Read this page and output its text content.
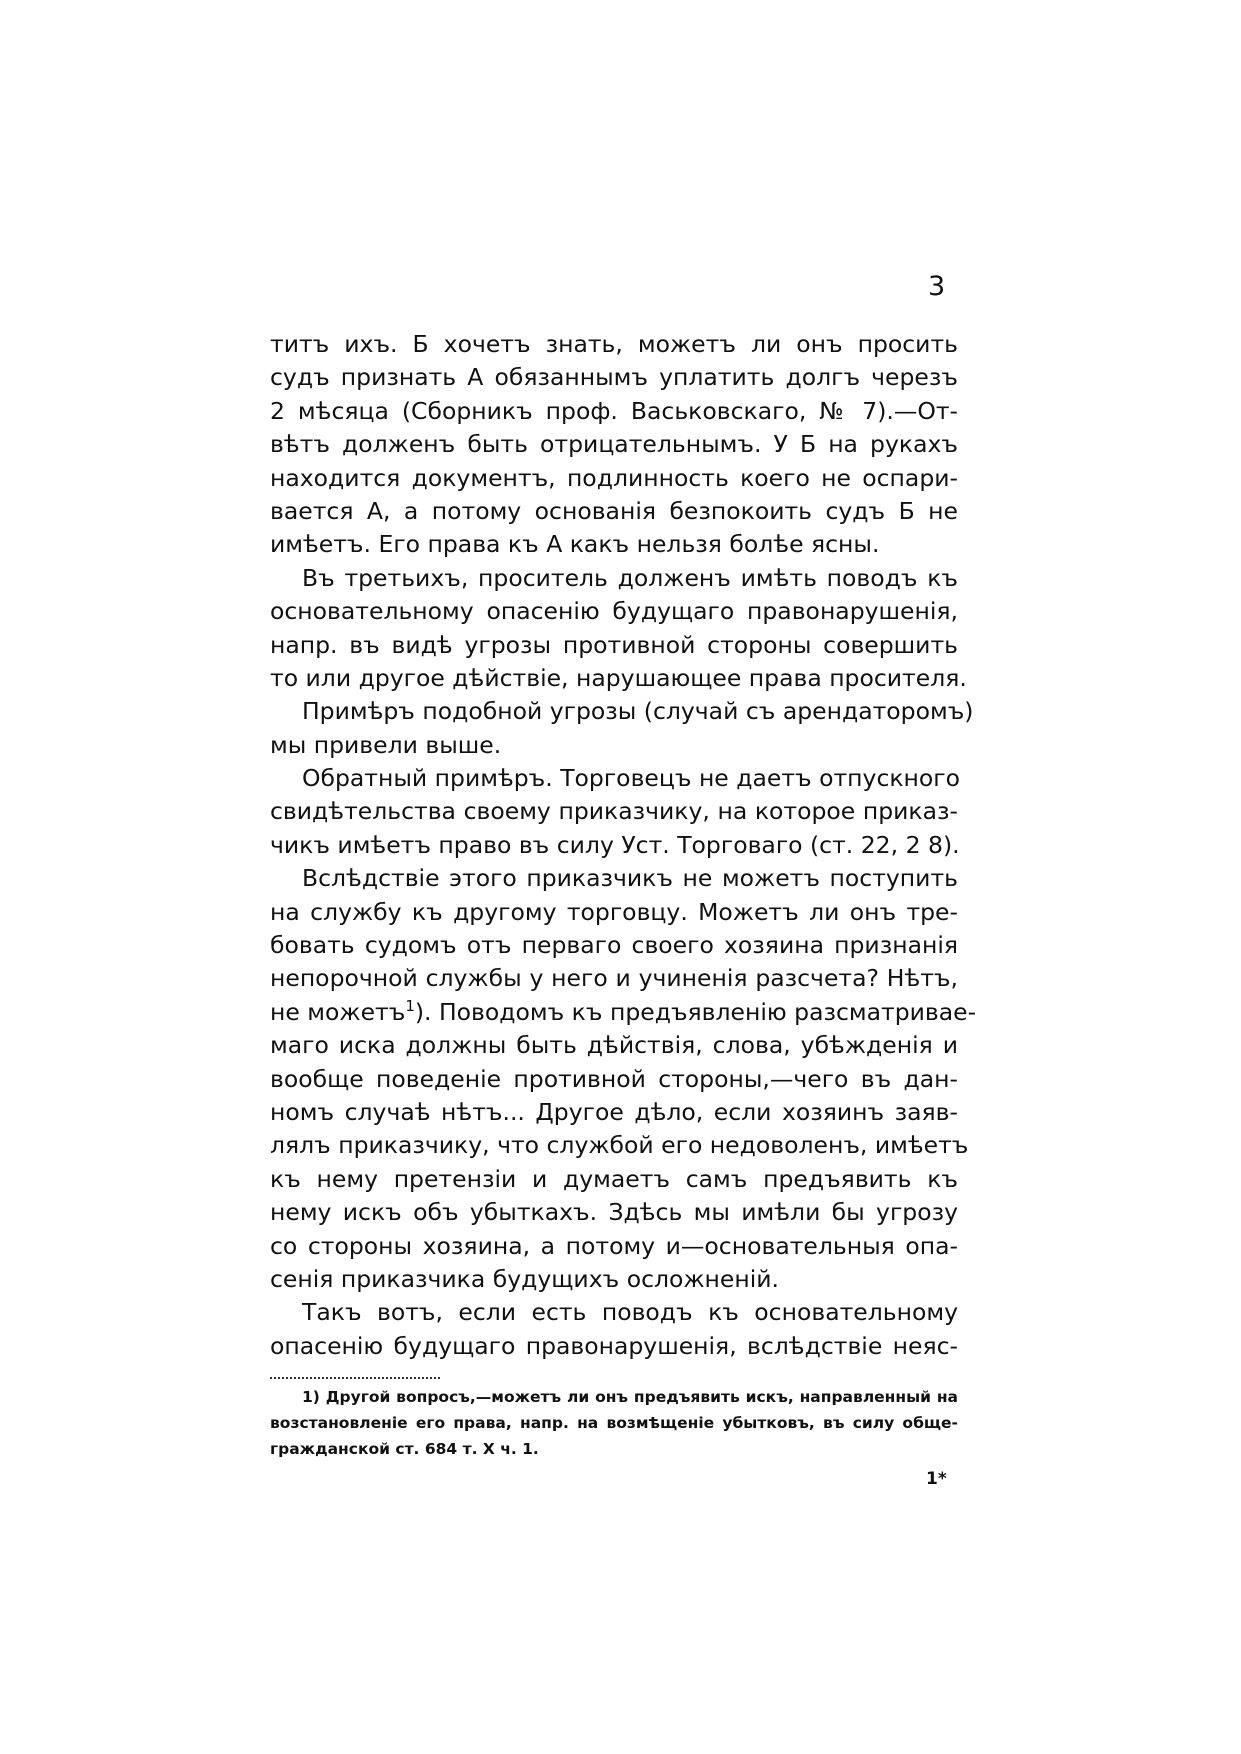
3
титъ ихъ. Б хочетъ знать, можетъ ли онъ просить
судъ признать А обязаннымъ уплатить долгъ черезъ
2 мѣсяца (Сборникъ проф. Васьковскаго, № 7).—От-
вѣтъ долженъ быть отрицательнымъ. У Б на рукахъ
находится документъ, подлинность коего не оспари-
вается А, а потому основанія безпокоить судъ Б не
имѣетъ. Его права къ А какъ нельзя болѣе ясны.
Въ третьихъ, проситель долженъ имѣть поводъ къ
основательному опасенію будущаго правонарушенія,
напр. въ видѣ угрозы противной стороны совершить
то или другое дѣйствіе, нарушающее права просителя.
Примѣръ подобной угрозы (случай съ арендаторомъ)
мы привели выше.
Обратный примѣръ. Торговецъ не даетъ отпускного
свидѣтельства своему приказчику, на которое приказ-
чикъ имѣетъ право въ силу Уст. Торговаго (ст. 22, 2 8).
Вслѣдствіе этого приказчикъ не можетъ поступить
на службу къ другому торговцу. Можетъ ли онъ тре-
бовать судомъ отъ перваго своего хозяина признанія
непорочной службы у него и учиненія разсчета? Нѣтъ,
не можетъ$^1$). Поводомъ къ предъявленію разсматривае-
маго иска должны быть дѣйствія, слова, убѣжденія и
вообще поведеніе противной стороны,—чего въ дан-
номъ случаѣ нѣтъ... Другое дѣло, если хозяинъ заяв-
лялъ приказчику, что службой его недоволенъ, имѣетъ
къ нему претензіи и думаетъ самъ предъявить къ
нему искъ объ убыткахъ. Здѣсь мы имѣли бы угрозу
со стороны хозяина, а потому и—основательныя опа-
сенія приказчика будущихъ осложненій.
Такъ вотъ, если есть поводъ къ основательному
опасенію будущаго правонарушенія, вслѣдствіе неяс-
1) Другой вопросъ,—можетъ ли онъ предъявить искъ, направленный на
возстановленіе его права, напр. на возмѣщеніе убытковъ, въ силу обще-
гражданской ст. 684 т. X ч. 1.
1*
